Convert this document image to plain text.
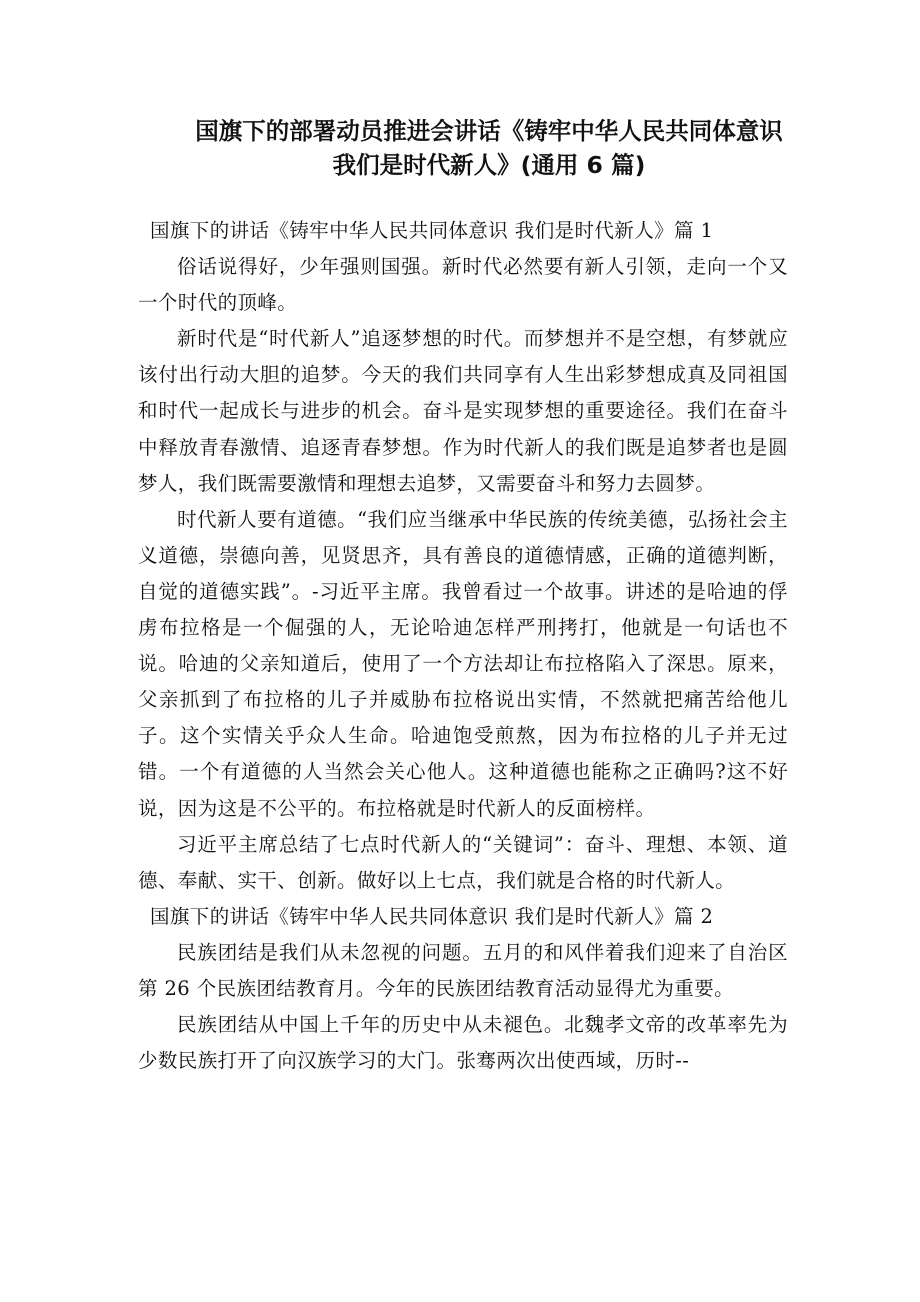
国旗下的部署动员推进会讲话《铸牢中华人民共同体意识 我们是时代新人》(通用 6 篇)
国旗下的讲话《铸牢中华人民共同体意识 我们是时代新人》篇 1

俗话说得好，少年强则国强。新时代必然要有新人引领，走向一个又一个时代的顶峰。

新时代是“时代新人”追逐梦想的时代。而梦想并不是空想，有梦就应该付出行动大胆的追梦。今天的我们共同享有人生出彩梦想成真及同祖国和时代一起成长与进步的机会。奋斗是实现梦想的重要途径。我们在奋斗中释放青春激情、追逐青春梦想。作为时代新人的我们既是追梦者也是圆梦人，我们既需要激情和理想去追梦，又需要奋斗和努力去圆梦。

时代新人要有道德。“我们应当继承中华民族的传统美德，弘扬社会主义道德，崇德向善，见贤思齐，具有善良的道德情感，正确的道德判断，自觉的道德实践”。-习近平主席。我曾看过一个故事。讲述的是哈迪的俘虏布拉格是一个倔强的人，无论哈迪怎样严刑拷打，他就是一句话也不说。哈迪的父亲知道后，使用了一个方法却让布拉格陷入了深思。原来，父亲抓到了布拉格的儿子并威胁布拉格说出实情，不然就把痛苦给他儿子。这个实情关乎众人生命。哈迪饱受煎熬，因为布拉格的儿子并无过错。一个有道德的人当然会关心他人。这种道德也能称之正确吗?这不好说，因为这是不公平的。布拉格就是时代新人的反面榜样。

习近平主席总结了七点时代新人的“关键词”：奋斗、理想、本领、道德、奉献、实干、创新。做好以上七点，我们就是合格的时代新人。

国旗下的讲话《铸牢中华人民共同体意识 我们是时代新人》篇 2

民族团结是我们从未忽视的问题。五月的和风伴着我们迎来了自治区第 26 个民族团结教育月。今年的民族团结教育活动显得尤为重要。

民族团结从中国上千年的历史中从未褪色。北魏孝文帝的改革率先为少数民族打开了向汉族学习的大门。张骞两次出使西域，历时--
